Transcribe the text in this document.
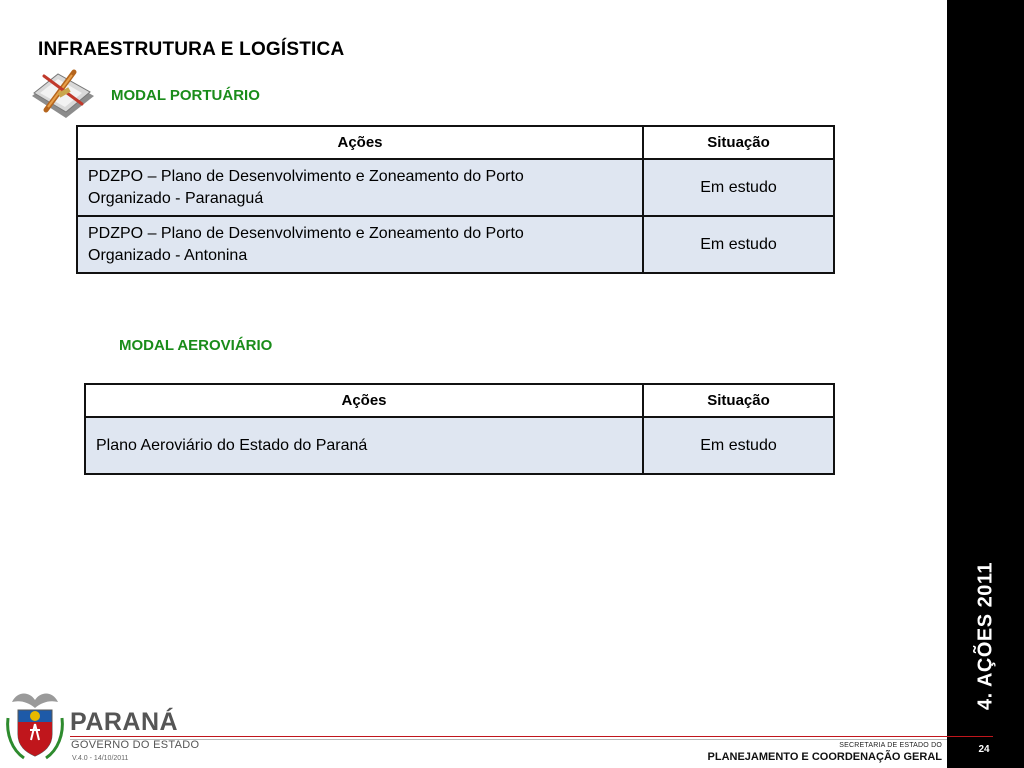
INFRAESTRUTURA E LOGÍSTICA
MODAL PORTUÁRIO
Ações	Situação

PDZPO – Plano de Desenvolvimento e Zoneamento do Porto
Organizado - Paranaguá	Em estudo

PDZPO – Plano de Desenvolvimento e Zoneamento do Porto
Organizado - Antonina	Em estudo
MODAL AEROVIÁRIO
Ações	Situação
Plano Aeroviário do Estado do Paraná	Em estudo
4. AÇÕES 2011
24
PARANÁ
GOVERNO DO ESTADO
V.4.0 - 14/10/2011
SECRETARIA DE ESTADO DO
PLANEJAMENTO E COORDENAÇÃO GERAL
